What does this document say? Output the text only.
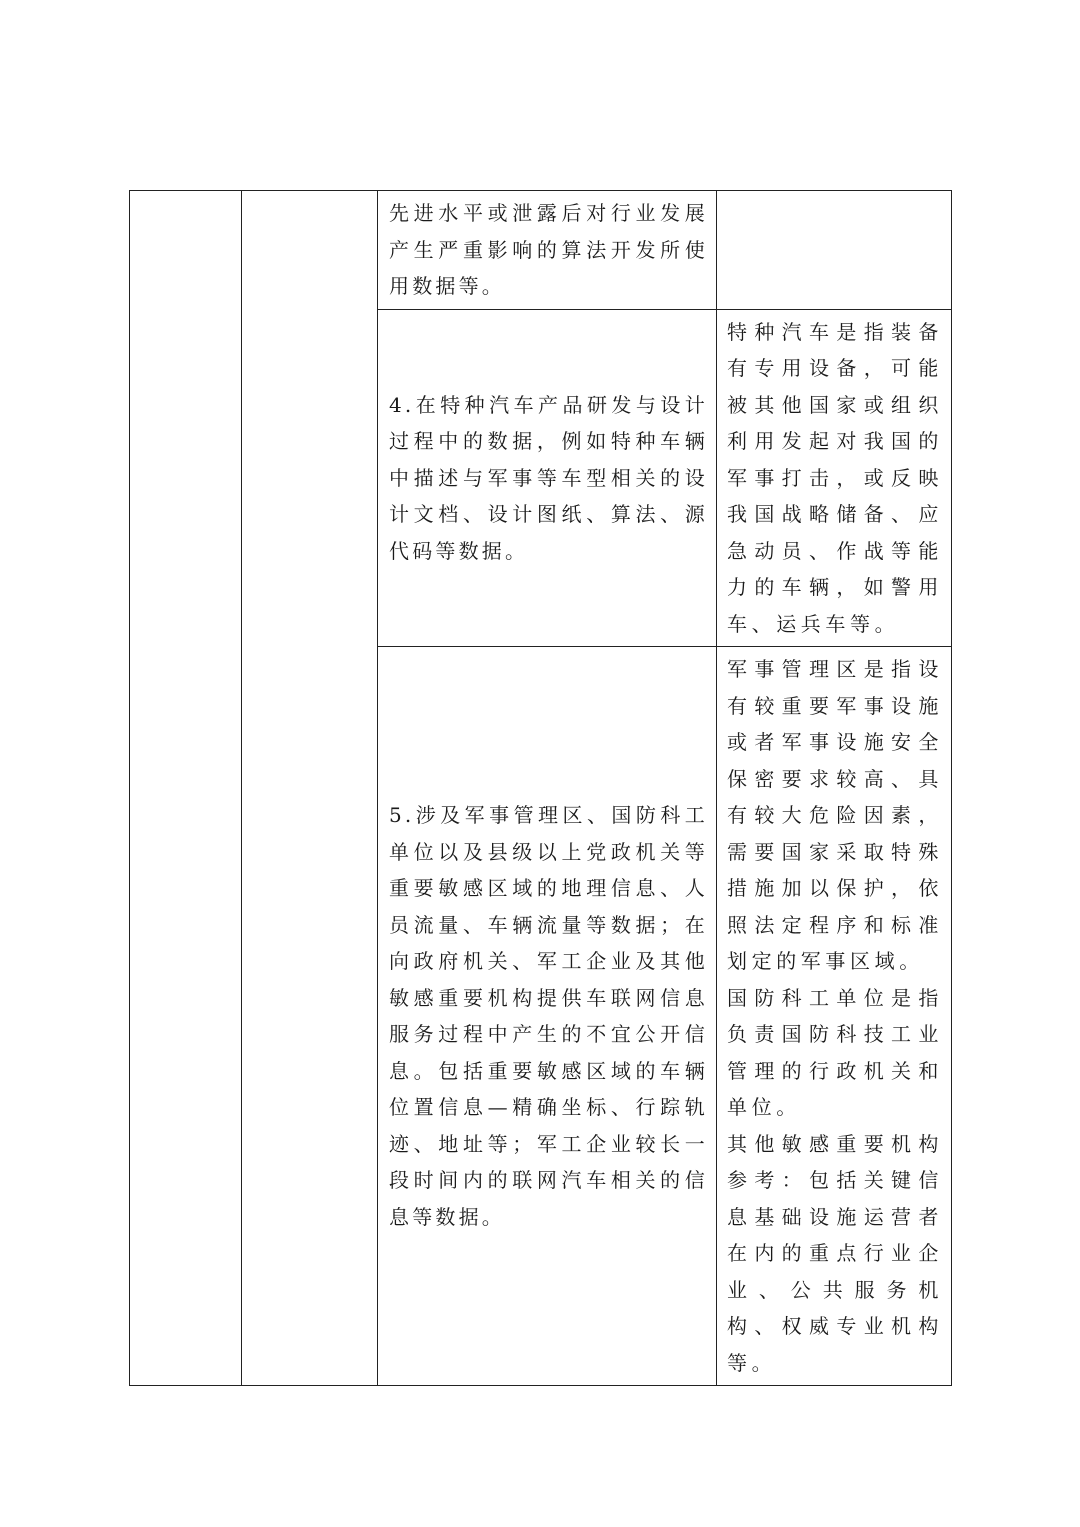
		先进水平或泄露后对行业发展产生严重影响的算法开发所使用数据等。	

		4.在特种汽车产品研发与设计过程中的数据，例如特种车辆中描述与军事等车型相关的设计文档、设计图纸、算法、源代码等数据。	特种汽车是指装备有专用设备，可能被其他国家或组织利用发起对我国的军事打击，或反映我国战略储备、应急动员、作战等能力的车辆，如警用车、运兵车等。

		5.涉及军事管理区、国防科工单位以及县级以上党政机关等重要敏感区域的地理信息、人员流量、车辆流量等数据；在向政府机关、军工企业及其他敏感重要机构提供车联网信息服务过程中产生的不宜公开信息。包括重要敏感区域的车辆位置信息—精确坐标、行踪轨迹、地址等；军工企业较长一段时间内的联网汽车相关的信息等数据。	军事管理区是指设有较重要军事设施或者军事设施安全保密要求较高、具有较大危险因素，需要国家采取特殊措施加以保护，依照法定程序和标准划定的军事区域。
国防科工单位是指负责国防科技工业管理的行政机关和单位。
其他敏感重要机构参考：包括关键信息基础设施运营者在内的重点行业企业、公共服务机构、权威专业机构等。
